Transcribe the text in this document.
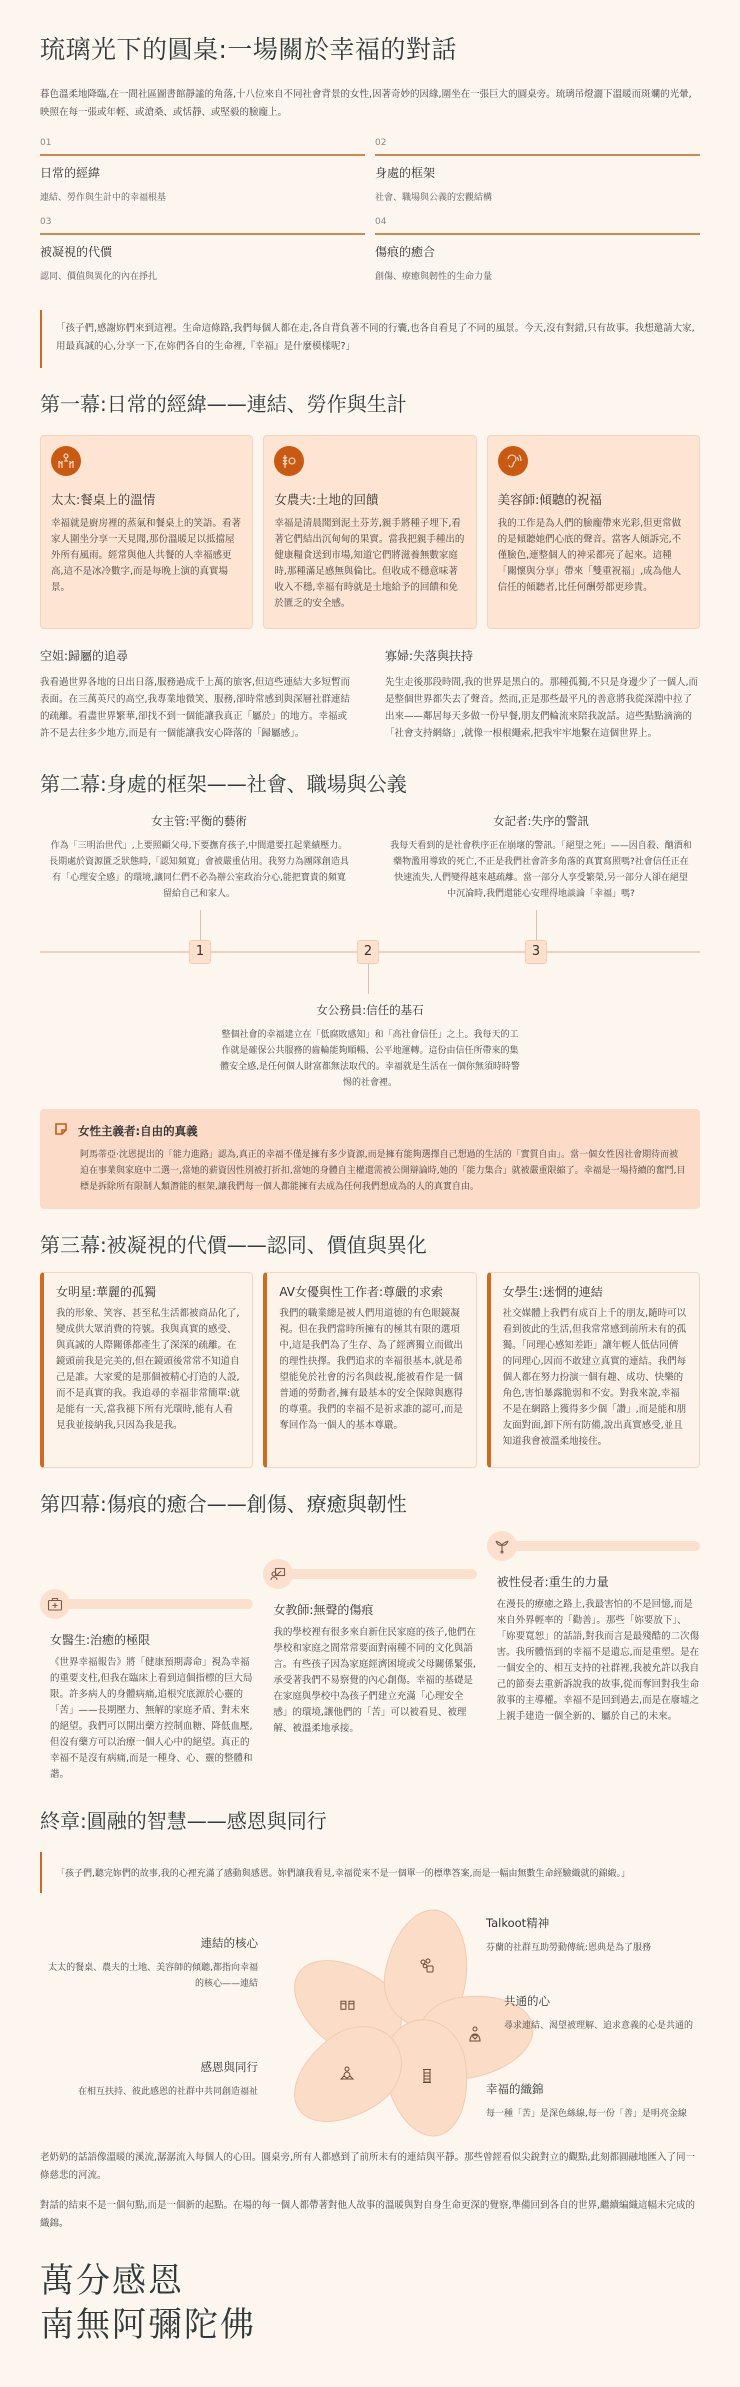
琉璃光下的圓桌:一場關於幸福的對話

暮色溫柔地降臨,在一間社區圖書館靜謐的角落,十八位來自不同社會背景的女性,因著奇妙的因緣,圍坐在一張巨大的圓桌旁。琉璃吊燈灑下溫暖而斑斕的光暈,映照在每一張或年輕、或滄桑、或恬靜、或堅毅的臉龐上。

01
日常的經緯
連結、勞作與生計中的幸福根基
02
身處的框架
社會、職場與公義的宏觀結構
03
被凝視的代價
認同、價值與異化的內在掙扎
04
傷痕的癒合
創傷、療癒與韌性的生命力量
「孩子們,感謝妳們來到這裡。生命這條路,我們每個人都在走,各自背負著不同的行囊,也各自看見了不同的風景。今天,沒有對錯,只有故事。我想邀請大家,用最真誠的心,分享一下,在妳們各自的生命裡,『幸福』是什麼模樣呢?」
第一幕:日常的經緯——連結、勞作與生計
太太:餐桌上的溫情

幸福就是廚房裡的蒸氣和餐桌上的笑語。看著家人圍坐分享一天見聞,那份溫暖足以抵擋屋外所有風雨。經常與他人共餐的人幸福感更高,這不是冰冷數字,而是每晚上演的真實場景。

女農夫:土地的回饋

幸福是清晨聞到泥土芬芳,親手將種子埋下,看著它們結出沉甸甸的果實。當我把親手種出的健康糧食送到市場,知道它們將滋養無數家庭時,那種滿足感無與倫比。但收成不穩意味著收入不穩,幸福有時就是土地給予的回饋和免於匱乏的安全感。

美容師:傾聽的祝福

我的工作是為人們的臉龐帶來光彩,但更常做的是傾聽她們心底的聲音。當客人傾訴完,不僅臉色,連整個人的神采都亮了起來。這種「關懷與分享」帶來「雙重祝福」,成為他人信任的傾聽者,比任何酬勞都更珍貴。

空姐:歸屬的追尋

我看過世界各地的日出日落,服務過成千上萬的旅客,但這些連結大多短暫而表面。在三萬英尺的高空,我專業地微笑、服務,卻時常感到與深層社群連結的疏離。看盡世界繁華,卻找不到一個能讓我真正「屬於」的地方。幸福或許不是去往多少地方,而是有一個能讓我安心降落的「歸屬感」。

寡婦:失落與扶持

先生走後那段時間,我的世界是黑白的。那種孤獨,不只是身邊少了一個人,而是整個世界都失去了聲音。然而,正是那些最平凡的善意將我從深淵中拉了出來——鄰居每天多做一份早餐,朋友們輪流來陪我說話。這些點點滴滴的「社會支持網絡」,就像一根根繩索,把我牢牢地繫在這個世界上。

第二幕:身處的框架——社會、職場與公義
女主管:平衡的藝術

作為「三明治世代」,上要照顧父母,下要撫育孩子,中間還要扛起業績壓力。長期處於資源匱乏狀態時,「認知頻寬」會被嚴重佔用。我努力為團隊創造具有「心理安全感」的環境,讓同仁們不必為辦公室政治分心,能把寶貴的頻寬留給自己和家人。

女記者:失序的警訊

我每天看到的是社會秩序正在崩壞的警訊。「絕望之死」——因自殺、酗酒和藥物濫用導致的死亡,不正是我們社會許多角落的真實寫照嗎?社會信任正在快速流失,人們變得越來越疏離。當一部分人享受繁榮,另一部分人卻在絕望中沉淪時,我們還能心安理得地談論「幸福」嗎?

1	2	3
女公務員:信任的基石

整個社會的幸福建立在「低腐敗感知」和「高社會信任」之上。我每天的工作就是確保公共服務的齒輪能夠順暢、公平地運轉。這份由信任所帶來的集體安全感,是任何個人財富都無法取代的。幸福就是生活在一個你無須時時警惕的社會裡。

女性主義者:自由的真義

阿馬蒂亞·沈恩提出的「能力進路」認為,真正的幸福不僅是擁有多少資源,而是擁有能夠選擇自己想過的生活的「實質自由」。當一個女性因社會期待而被迫在事業與家庭中二選一,當她的薪資因性別被打折扣,當她的身體自主權還需被公開辯論時,她的「能力集合」就被嚴重限縮了。幸福是一場持續的奮鬥,目標是拆除所有限制人類潛能的框架,讓我們每一個人都能擁有去成為任何我們想成為的人的真實自由。

第三幕:被凝視的代價——認同、價值與異化
女明星:華麗的孤獨

我的形象、笑容、甚至私生活都被商品化了,變成供大眾消費的符號。我與真實的感受、與真誠的人際關係都產生了深深的疏離。在鏡頭前我是完美的,但在鏡頭後常常不知道自己是誰。大家愛的是那個被精心打造的人設,而不是真實的我。我追尋的幸福非常簡單:就是能有一天,當我褪下所有光環時,能有人看見我並接納我,只因為我是我。

AV女優與性工作者:尊嚴的求索

我們的職業總是被人們用道德的有色眼鏡凝視。但在我們當時所擁有的極其有限的選項中,這是我們為了生存、為了經濟獨立而做出的理性抉擇。我們追求的幸福很基本,就是希望能免於社會的污名與歧視,能被看作是一個普通的勞動者,擁有最基本的安全保障與應得的尊重。我們的幸福不是祈求誰的認可,而是奪回作為一個人的基本尊嚴。

女學生:迷惘的連結

社交媒體上我們有成百上千的朋友,隨時可以看到彼此的生活,但我常常感到前所未有的孤獨。「同理心感知差距」讓年輕人低估同儕的同理心,因而不敢建立真實的連結。我們每個人都在努力扮演一個有趣、成功、快樂的角色,害怕暴露脆弱和不安。對我來說,幸福不是在網路上獲得多少個「讚」,而是能和朋友面對面,卸下所有防備,說出真實感受,並且知道我會被溫柔地接住。

第四幕:傷痕的癒合——創傷、療癒與韌性
女醫生:治癒的極限

《世界幸福報告》將「健康預期壽命」視為幸福的重要支柱,但我在臨床上看到這個指標的巨大局限。許多病人的身體病痛,追根究底源於心靈的「苦」——長期壓力、無解的家庭矛盾、對未來的絕望。我們可以開出藥方控制血糖、降低血壓,但沒有藥方可以治療一個人心中的絕望。真正的幸福不是沒有病痛,而是一種身、心、靈的整體和諧。

女教師:無聲的傷痕

我的學校裡有很多來自新住民家庭的孩子,他們在學校和家庭之間常常要面對兩種不同的文化與語言。有些孩子因為家庭經濟困境或父母關係緊張,承受著我們不易察覺的內心創傷。幸福的基礎是在家庭與學校中為孩子們建立充滿「心理安全感」的環境,讓他們的「苦」可以被看見、被理解、被溫柔地承接。

被性侵者:重生的力量

在漫長的療癒之路上,我最害怕的不是回憶,而是來自外界輕率的「勸善」。那些「妳要放下」、「妳要寬恕」的話語,對我而言是最殘酷的二次傷害。我所體悟到的幸福不是遺忘,而是重塑。是在一個安全的、相互支持的社群裡,我被允許以我自己的節奏去重新訴說我的故事,從而奪回對我生命敘事的主導權。幸福不是回到過去,而是在廢墟之上親手建造一個全新的、屬於自己的未來。

終章:圓融的智慧——感恩與同行
「孩子們,聽完妳們的故事,我的心裡充滿了感動與感恩。妳們讓我看見,幸福從來不是一個單一的標準答案,而是一幅由無數生命經驗織就的錦緞。」
連結的核心

太太的餐桌、農夫的土地、美容師的傾聽,都指向幸福的核心——連結

Talkoot精神

芬蘭的社群互助勞動傳統:恩典是為了服務

共通的心

尋求連結、渴望被理解、追求意義的心是共通的

幸福的織錦

每一種「苦」是深色絲線,每一份「善」是明亮金線

感恩與同行

在相互扶持、彼此感恩的社群中共同創造福祉

老奶奶的話語像溫暖的溪流,潺潺流入每個人的心田。圓桌旁,所有人都感到了前所未有的連結與平靜。那些曾經看似尖銳對立的觀點,此刻都圓融地匯入了同一條慈悲的河流。

對話的結束不是一個句點,而是一個新的起點。在場的每一個人都帶著對他人故事的溫暖與對自身生命更深的覺察,準備回到各自的世界,繼續編織這幅未完成的織錦。

萬分感恩
南無阿彌陀佛
